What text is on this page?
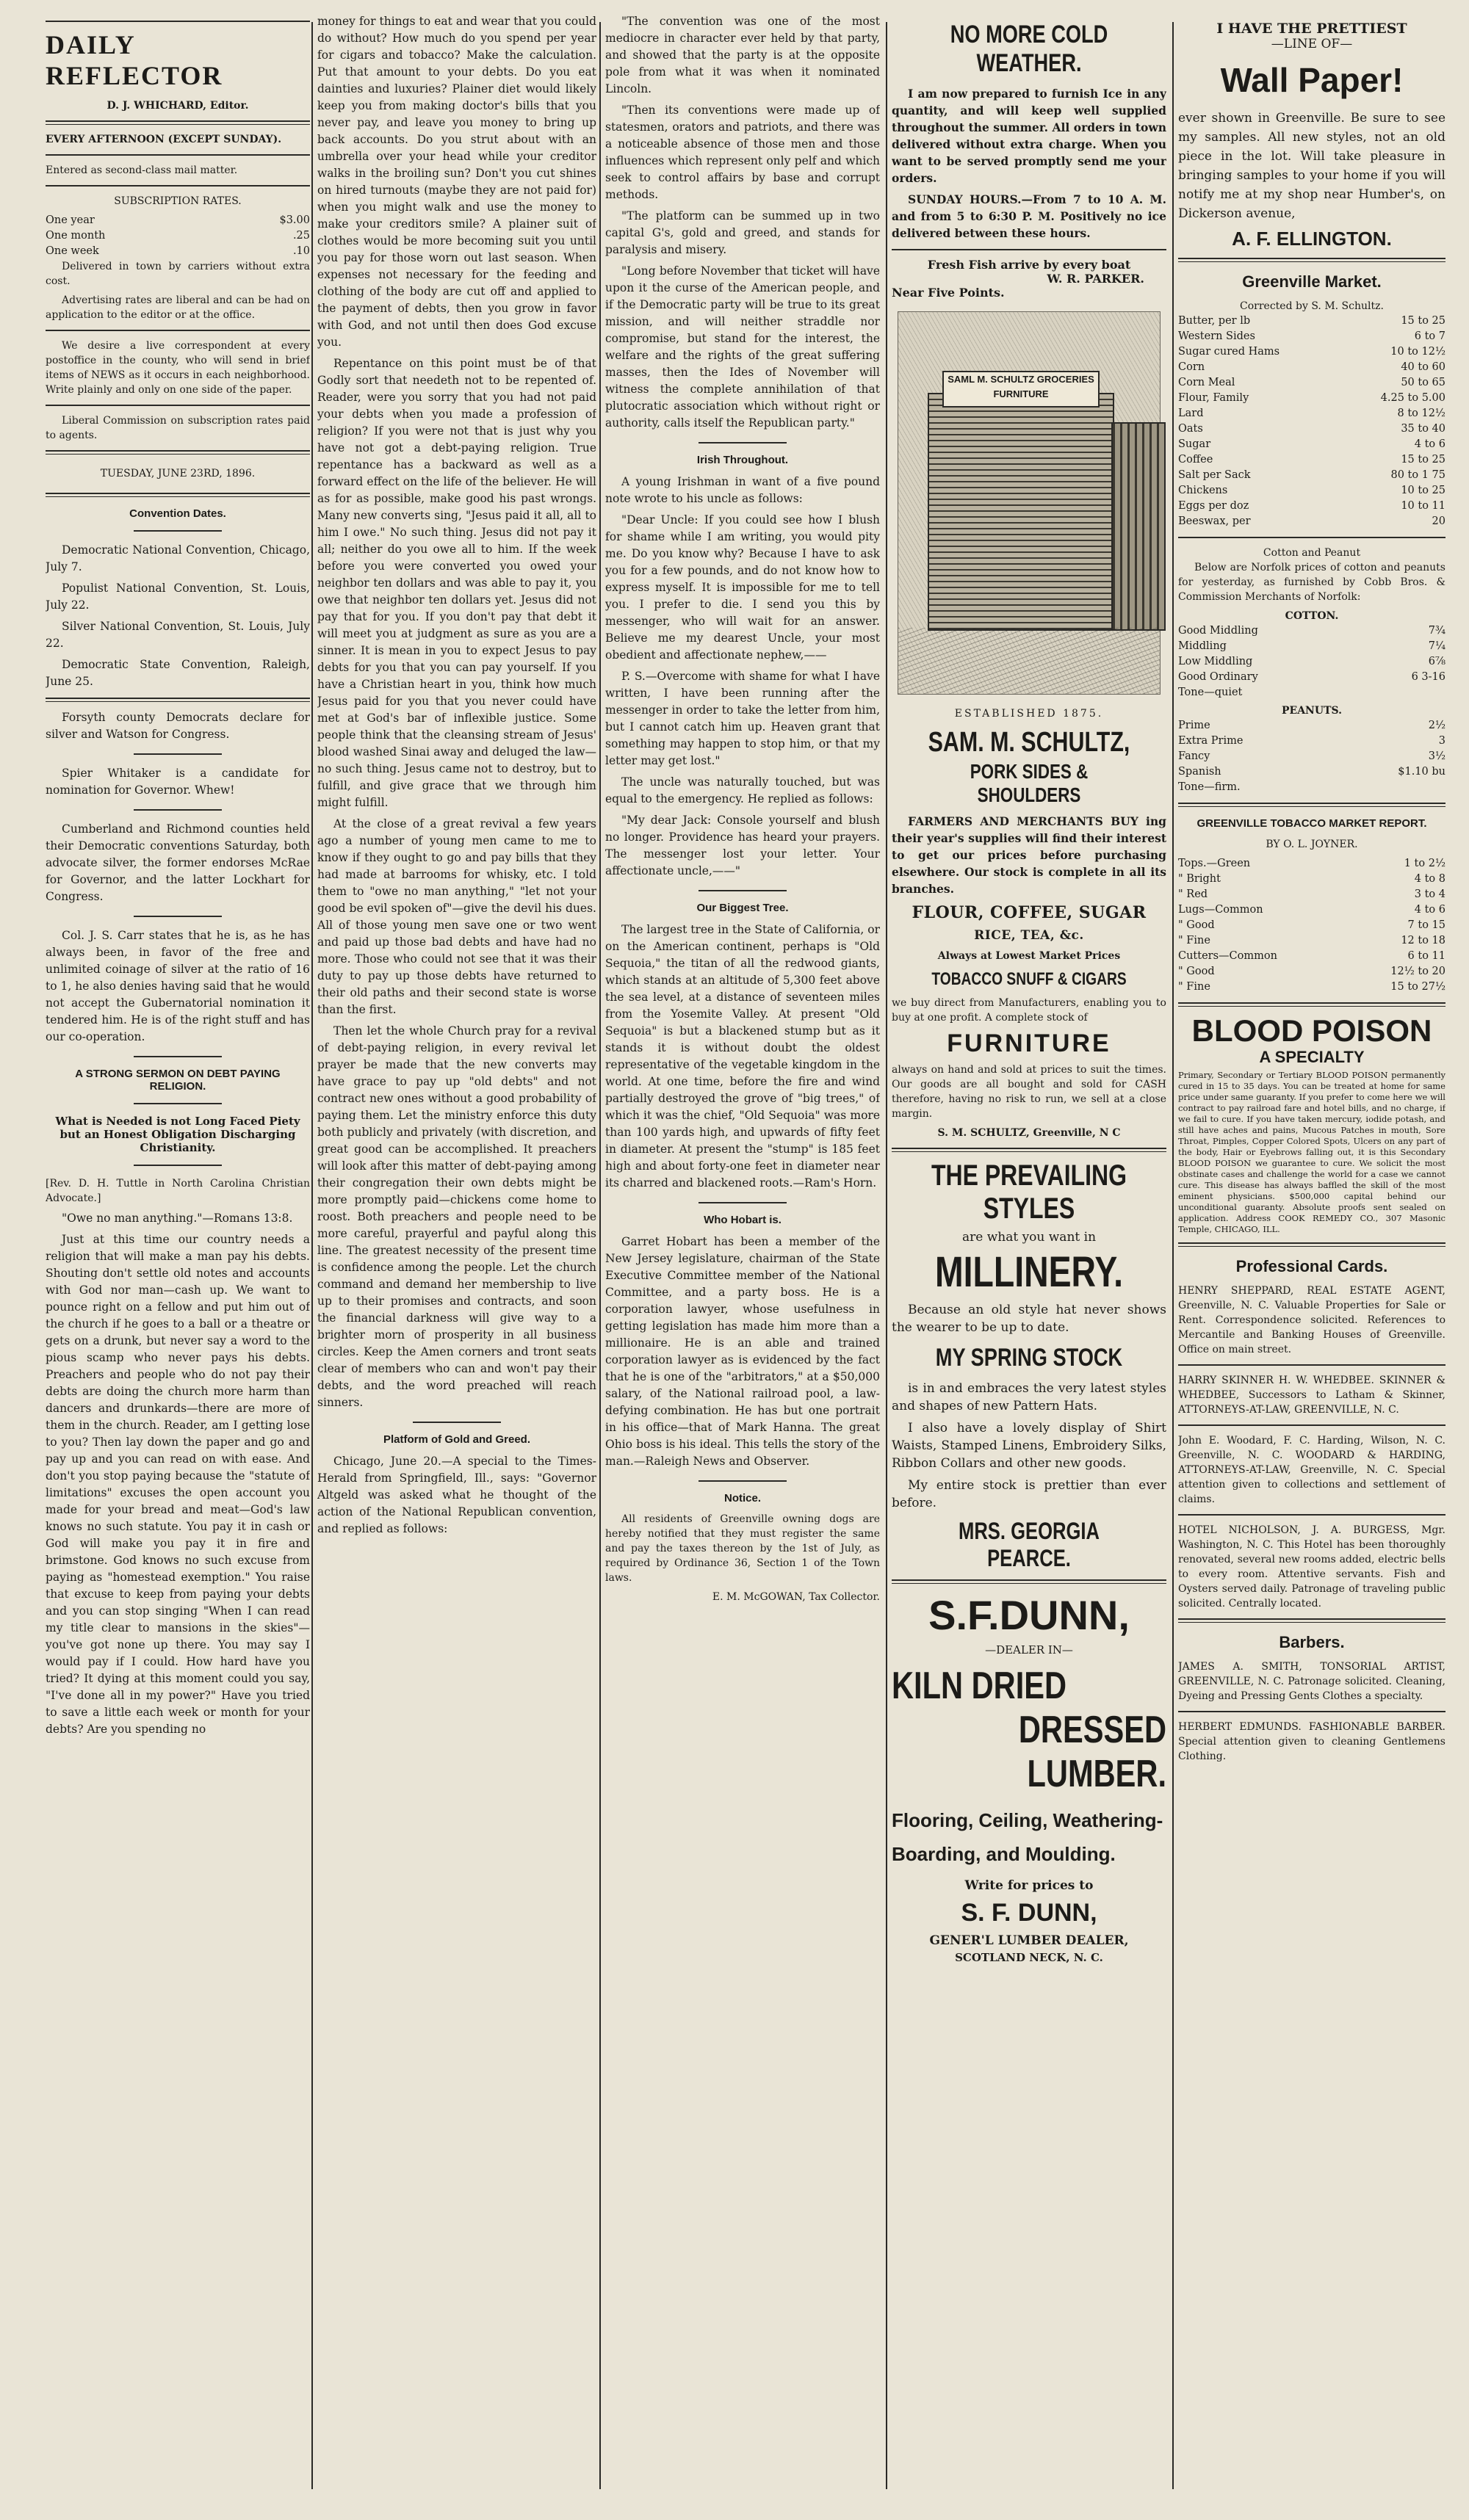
DAILY REFLECTOR
D. J. WHICHARD, Editor.
EVERY AFTERNOON (EXCEPT SUNDAY).

Entered as second-class mail matter.

SUBSCRIPTION RATES.
One year	$3.00
One month	.25
One week	.10

Delivered in town by carriers without extra cost.

Advertising rates are liberal and can be had on application to the editor or at the office.

We desire a live correspondent at every postoffice in the county, who will send in brief items of NEWS as it occurs in each neighborhood. Write plainly and only on one side of the paper.

Liberal Commission on subscription rates paid to agents.

TUESDAY, JUNE 23RD, 1896.
Convention Dates.

Democratic National Convention, Chicago, July 7.

Populist National Convention, St. Louis, July 22.

Silver National Convention, St. Louis, July 22.

Democratic State Convention, Raleigh, June 25.

Forsyth county Democrats declare for silver and Watson for Congress.

Spier Whitaker is a candidate for nomination for Governor. Whew!

Cumberland and Richmond counties held their Democratic conventions Saturday, both advocate silver, the former endorses McRae for Governor, and the latter Lockhart for Congress.

Col. J. S. Carr states that he is, as he has always been, in favor of the free and unlimited coinage of silver at the ratio of 16 to 1, he also denies having said that he would not accept the Gubernatorial nomination it tendered him. He is of the right stuff and has our co-operation.

A STRONG SERMON ON DEBT PAYING RELIGION.
What is Needed is not Long Faced Piety but an Honest Obligation Discharging Christianity.

[Rev. D. H. Tuttle in North Carolina Christian Advocate.]

"Owe no man anything."—Romans 13:8.

Just at this time our country needs a religion that will make a man pay his debts. Shouting don't settle old notes and accounts with God nor man—cash up. We want to pounce right on a fellow and put him out of the church if he goes to a ball or a theatre or gets on a drunk, but never say a word to the pious scamp who never pays his debts. Preachers and people who do not pay their debts are doing the church more harm than dancers and drunkards—there are more of them in the church. Reader, am I getting lose to you? Then lay down the paper and go and pay up and you can read on with ease. And don't you stop paying because the "statute of limitations" excuses the open account you made for your bread and meat—God's law knows no such statute. You pay it in cash or God will make you pay it in fire and brimstone. God knows no such excuse from paying as "homestead exemption." You raise that excuse to keep from paying your debts and you can stop singing "When I can read my title clear to mansions in the skies"—you've got none up there. You may say I would pay if I could. How hard have you tried? It dying at this moment could you say, "I've done all in my power?" Have you tried to save a little each week or month for your debts? Are you spending no

money for things to eat and wear that you could do without? How much do you spend per year for cigars and tobacco? Make the calculation. Put that amount to your debts. Do you eat dainties and luxuries? Plainer diet would likely keep you from making doctor's bills that you never pay, and leave you money to bring up back accounts. Do you strut about with an umbrella over your head while your creditor walks in the broiling sun? Don't you cut shines on hired turnouts (maybe they are not paid for) when you might walk and use the money to make your creditors smile? A plainer suit of clothes would be more becoming suit you until you pay for those worn out last season. When expenses not necessary for the feeding and clothing of the body are cut off and applied to the payment of debts, then you grow in favor with God, and not until then does God excuse you.

Repentance on this point must be of that Godly sort that needeth not to be repented of. Reader, were you sorry that you had not paid your debts when you made a profession of religion? If you were not that is just why you have not got a debt-paying religion. True repentance has a backward as well as a forward effect on the life of the believer. He will as for as possible, make good his past wrongs. Many new converts sing, "Jesus paid it all, all to him I owe." No such thing. Jesus did not pay it all; neither do you owe all to him. If the week before you were converted you owed your neighbor ten dollars and was able to pay it, you owe that neighbor ten dollars yet. Jesus did not pay that for you. If you don't pay that debt it will meet you at judgment as sure as you are a sinner. It is mean in you to expect Jesus to pay debts for you that you can pay yourself. If you have a Christian heart in you, think how much Jesus paid for you that you never could have met at God's bar of inflexible justice. Some people think that the cleansing stream of Jesus' blood washed Sinai away and deluged the law—no such thing. Jesus came not to destroy, but to fulfill, and give grace that we through him might fulfill.

At the close of a great revival a few years ago a number of young men came to me to know if they ought to go and pay bills that they had made at barrooms for whisky, etc. I told them to "owe no man anything," "let not your good be evil spoken of"—give the devil his dues. All of those young men save one or two went and paid up those bad debts and have had no more. Those who could not see that it was their duty to pay up those debts have returned to their old paths and their second state is worse than the first.

Then let the whole Church pray for a revival of debt-paying religion, in every revival let prayer be made that the new converts may have grace to pay up "old debts" and not contract new ones without a good probability of paying them. Let the ministry enforce this duty both publicly and privately (with discretion, and great good can be accomplished. It preachers will look after this matter of debt-paying among their congregation their own debts might be more promptly paid—chickens come home to roost. Both preachers and people need to be more careful, prayerful and payful along this line. The greatest necessity of the present time is confidence among the people. Let the church command and demand her membership to live up to their promises and contracts, and soon the financial darkness will give way to a brighter morn of prosperity in all business circles. Keep the Amen corners and tront seats clear of members who can and won't pay their debts, and the word preached will reach sinners.

Platform of Gold and Greed.

Chicago, June 20.—A special to the Times-Herald from Springfield, Ill., says: "Governor Altgeld was asked what he thought of the action of the National Republican convention, and replied as follows:

"The convention was one of the most mediocre in character ever held by that party, and showed that the party is at the opposite pole from what it was when it nominated Lincoln.

"Then its conventions were made up of statesmen, orators and patriots, and there was a noticeable absence of those men and those influences which represent only pelf and which seek to control affairs by base and corrupt methods.

"The platform can be summed up in two capital G's, gold and greed, and stands for paralysis and misery.

"Long before November that ticket will have upon it the curse of the American people, and if the Democratic party will be true to its great mission, and will neither straddle nor compromise, but stand for the interest, the welfare and the rights of the great suffering masses, then the Ides of November will witness the complete annihilation of that plutocratic association which without right or authority, calls itself the Republican party."

Irish Throughout.

A young Irishman in want of a five pound note wrote to his uncle as follows:

"Dear Uncle: If you could see how I blush for shame while I am writing, you would pity me. Do you know why? Because I have to ask you for a few pounds, and do not know how to express myself. It is impossible for me to tell you. I prefer to die. I send you this by messenger, who will wait for an answer. Believe me my dearest Uncle, your most obedient and affectionate nephew,——

P. S.—Overcome with shame for what I have written, I have been running after the messenger in order to take the letter from him, but I cannot catch him up. Heaven grant that something may happen to stop him, or that my letter may get lost."

The uncle was naturally touched, but was equal to the emergency. He replied as follows:

"My dear Jack: Console yourself and blush no longer. Providence has heard your prayers. The messenger lost your letter. Your affectionate uncle,——"

Our Biggest Tree.

The largest tree in the State of California, or on the American continent, perhaps is "Old Sequoia," the titan of all the redwood giants, which stands at an altitude of 5,300 feet above the sea level, at a distance of seventeen miles from the Yosemite Valley. At present "Old Sequoia" is but a blackened stump but as it stands it is without doubt the oldest representative of the vegetable kingdom in the world. At one time, before the fire and wind partially destroyed the grove of "big trees," of which it was the chief, "Old Sequoia" was more than 100 yards high, and upwards of fifty feet in diameter. At present the "stump" is 185 feet high and about forty-one feet in diameter near its charred and blackened roots.—Ram's Horn.

Who Hobart is.

Garret Hobart has been a member of the New Jersey legislature, chairman of the State Executive Committee member of the National Committee, and a party boss. He is a corporation lawyer, whose usefulness in getting legislation has made him more than a millionaire. He is an able and trained corporation lawyer as is evidenced by the fact that he is one of the "arbitrators," at a $50,000 salary, of the National railroad pool, a law-defying combination. He has but one portrait in his office—that of Mark Hanna. The great Ohio boss is his ideal. This tells the story of the man.—Raleigh News and Observer.

Notice.

All residents of Greenville owning dogs are hereby notified that they must register the same and pay the taxes thereon by the 1st of July, as required by Ordinance 36, Section 1 of the Town laws.

E. M. McGOWAN, Tax Collector.
NO MORE COLD WEATHER.

I am now prepared to furnish Ice in any quantity, and will keep well supplied throughout the summer. All orders in town delivered without extra charge. When you want to be served promptly send me your orders.

SUNDAY HOURS.—From 7 to 10 A. M. and from 5 to 6:30 P. M. Positively no ice delivered between these hours.

Fresh Fish arrive by every boat
W. R. PARKER.
Near Five Points.
SAML M. SCHULTZ GROCERIES FURNITURE
ESTABLISHED 1875.
SAM. M. SCHULTZ,
PORK SIDES & SHOULDERS

FARMERS AND MERCHANTS BUY ing their year's supplies will find their interest to get our prices before purchasing elsewhere. Our stock is complete in all its branches.

FLOUR, COFFEE, SUGAR
RICE, TEA, &c.
Always at Lowest Market Prices
TOBACCO SNUFF & CIGARS

we buy direct from Manufacturers, enabling you to buy at one profit. A complete stock of

FURNITURE

always on hand and sold at prices to suit the times. Our goods are all bought and sold for CASH therefore, having no risk to run, we sell at a close margin.

S. M. SCHULTZ, Greenville, N C
THE PREVAILING STYLES
are what you want in
MILLINERY.

Because an old style hat never shows the wearer to be up to date.

MY SPRING STOCK

is in and embraces the very latest styles and shapes of new Pattern Hats.

I also have a lovely display of Shirt Waists, Stamped Linens, Embroidery Silks, Ribbon Collars and other new goods.

My entire stock is prettier than ever before.

MRS. GEORGIA PEARCE.
S.F.DUNN,
—DEALER IN—
KILN DRIED
DRESSED LUMBER.
Flooring, Ceiling, Weathering-Boarding, and Moulding.
Write for prices to
S. F. DUNN,
GENER'L LUMBER DEALER,
SCOTLAND NECK, N. C.
I HAVE THE PRETTIEST
—LINE OF—
Wall Paper!

ever shown in Greenville. Be sure to see my samples. All new styles, not an old piece in the lot. Will take pleasure in bringing samples to your home if you will notify me at my shop near Humber's, on Dickerson avenue,

A. F. ELLINGTON.
Greenville Market.
Corrected by S. M. Schultz.
Butter, per lb	15 to 25
Western Sides	6 to 7
Sugar cured Hams	10 to 12½
Corn	40 to 60
Corn Meal	50 to 65
Flour, Family	4.25 to 5.00
Lard	8 to 12½
Oats	35 to 40
Sugar	4 to 6
Coffee	15 to 25
Salt per Sack	80 to 1 75
Chickens	10 to 25
Eggs per doz	10 to 11
Beeswax, per	20
Cotton and Peanut

Below are Norfolk prices of cotton and peanuts for yesterday, as furnished by Cobb Bros. & Commission Merchants of Norfolk:

COTTON.
Good Middling	7¾
Middling	7¼
Low Middling	6⅞
Good Ordinary	6 3-16
Tone—quiet
PEANUTS.
Prime	2½
Extra Prime	3
Fancy	3½
Spanish	$1.10 bu
Tone—firm.
GREENVILLE TOBACCO MARKET REPORT.
BY O. L. JOYNER.
Tops.—Green	1 to 2½
" Bright	4 to 8
" Red	3 to 4
Lugs—Common	4 to 6
" Good	7 to 15
" Fine	12 to 18
Cutters—Common	6 to 11
" Good	12½ to 20
" Fine	15 to 27½
BLOOD POISON
A SPECIALTY

Primary, Secondary or Tertiary BLOOD POISON permanently cured in 15 to 35 days. You can be treated at home for same price under same guaranty. If you prefer to come here we will contract to pay railroad fare and hotel bills, and no charge, if we fail to cure. If you have taken mercury, iodide potash, and still have aches and pains, Mucous Patches in mouth, Sore Throat, Pimples, Copper Colored Spots, Ulcers on any part of the body, Hair or Eyebrows falling out, it is this Secondary BLOOD POISON we guarantee to cure. We solicit the most obstinate cases and challenge the world for a case we cannot cure. This disease has always baffled the skill of the most eminent physicians. $500,000 capital behind our unconditional guaranty. Absolute proofs sent sealed on application. Address COOK REMEDY CO., 307 Masonic Temple, CHICAGO, ILL.

Professional Cards.

HENRY SHEPPARD, REAL ESTATE AGENT, Greenville, N. C. Valuable Properties for Sale or Rent. Correspondence solicited. References to Mercantile and Banking Houses of Greenville. Office on main street.

HARRY SKINNER H. W. WHEDBEE. SKINNER & WHEDBEE, Successors to Latham & Skinner, ATTORNEYS-AT-LAW, GREENVILLE, N. C.

John E. Woodard, F. C. Harding, Wilson, N. C. Greenville, N. C. WOODARD & HARDING, ATTORNEYS-AT-LAW, Greenville, N. C. Special attention given to collections and settlement of claims.

HOTEL NICHOLSON, J. A. BURGESS, Mgr. Washington, N. C. This Hotel has been thoroughly renovated, several new rooms added, electric bells to every room. Attentive servants. Fish and Oysters served daily. Patronage of traveling public solicited. Centrally located.

Barbers.

JAMES A. SMITH, TONSORIAL ARTIST, GREENVILLE, N. C. Patronage solicited. Cleaning, Dyeing and Pressing Gents Clothes a specialty.

HERBERT EDMUNDS. FASHIONABLE BARBER. Special attention given to cleaning Gentlemens Clothing.
